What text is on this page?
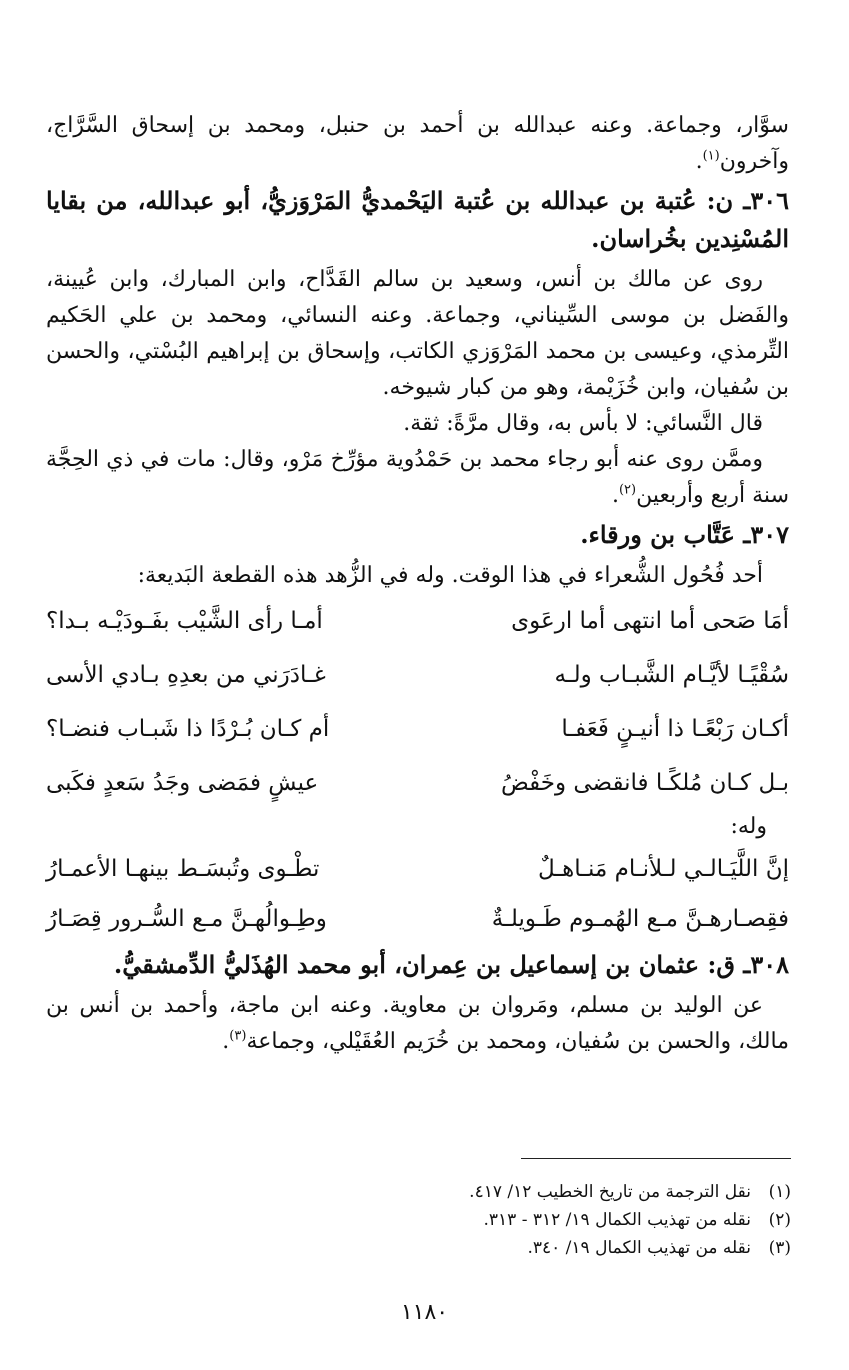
سوَّار، وجماعة. وعنه عبدالله بن أحمد بن حنبل، ومحمد بن إسحاق السَّرَّاج، وآخرون$^{(١)}$.

٣٠٦ـ ن: عُتبة بن عبدالله بن عُتبة اليَحْمديُّ المَرْوَزيُّ، أبو عبدالله، من بقايا المُسْنِدين بخُراسان.

روى عن مالك بن أنس، وسعيد بن سالم القَدَّاح، وابن المبارك، وابن عُيينة، والفَضل بن موسى السِّيناني، وجماعة. وعنه النسائي، ومحمد بن علي الحَكيم التِّرمذي، وعيسى بن محمد المَرْوَزي الكاتب، وإسحاق بن إبراهيم البُسْتي، والحسن بن سُفيان، وابن خُزَيْمة، وهو من كبار شيوخه.

قال النَّسائي: لا بأس به، وقال مرَّةً: ثقة.

وممَّن روى عنه أبو رجاء محمد بن حَمْدُوية مؤرِّخ مَرْو، وقال: مات في ذي الحِجَّة سنة أربع وأربعين$^{(٢)}$.

٣٠٧ـ عَتَّاب بن ورقاء.

أحد فُحُول الشُّعراء في هذا الوقت. وله في الزُّهد هذه القطعة البَديعة:

أمَا صَحى أما انتهى أما ارعَوى
أمـا رأى الشَّيْب بفَـودَيْـه بـدا؟
سُقْيًـا لأيَّـام الشَّبـاب ولـه
غـادَرَني من بعدِهِ بـادي الأسى
أكـان رَبْعًـا ذا أنيـنٍ فَعَفـا
أم كـان بُـرْدًا ذا شَبـاب فنضـا؟
بـل كـان مُلكًـا فانقضى وخَفْضُ
عيشٍ فمَضى وجَدُ سَعدٍ فكَبى

وله:

إنَّ اللَّيَـالـي لـلأنـام مَنـاهـلٌ
تطْـوى وتُبسَـط بينهـا الأعمـارُ
فقِصـارهـنَّ مـع الهُمـوم طَـويلـةٌ
وطِـوالُهـنَّ مـع السُّـرور قِصَـارُ

٣٠٨ـ ق: عثمان بن إسماعيل بن عِمران، أبو محمد الهُذَليُّ الدِّمشقيُّ.

عن الوليد بن مسلم، ومَروان بن معاوية. وعنه ابن ماجة، وأحمد بن أنس بن مالك، والحسن بن سُفيان، ومحمد بن خُرَيم العُقَيْلي، وجماعة$^{(٣)}$.

(١)
نقل الترجمة من تاريخ الخطيب ١٢/ ٤١٧.
(٢)
نقله من تهذيب الكمال ١٩/ ٣١٢ - ٣١٣.
(٣)
نقله من تهذيب الكمال ١٩/ ٣٤٠.
١١٨٠
